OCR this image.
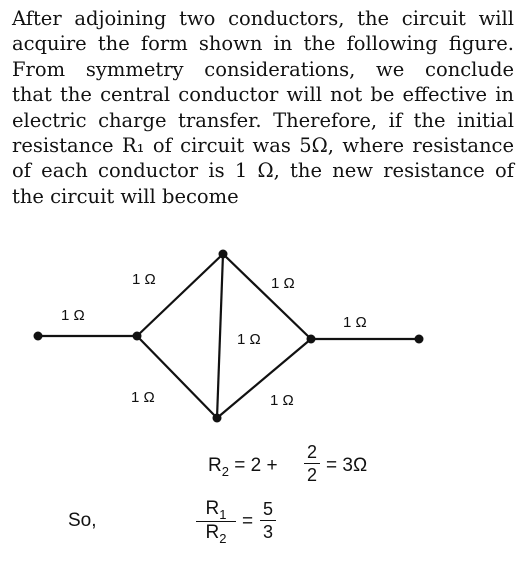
After adjoining two conductors, the circuit will
acquire the form shown in the following figure.
From symmetry considerations, we conclude
that the central conductor will not be effective in
electric charge transfer. Therefore, if the initial
resistance R₁ of circuit was 5Ω, where resistance
of each conductor is 1 Ω, the new resistance of
the circuit will become
1 Ω
1 Ω	1 Ω
1 Ω
1 Ω
1 Ω	1 Ω
$R_2 = 2$ +
2
2 = 3Ω
So,
$R_1$
$R_2$
=
5
3
